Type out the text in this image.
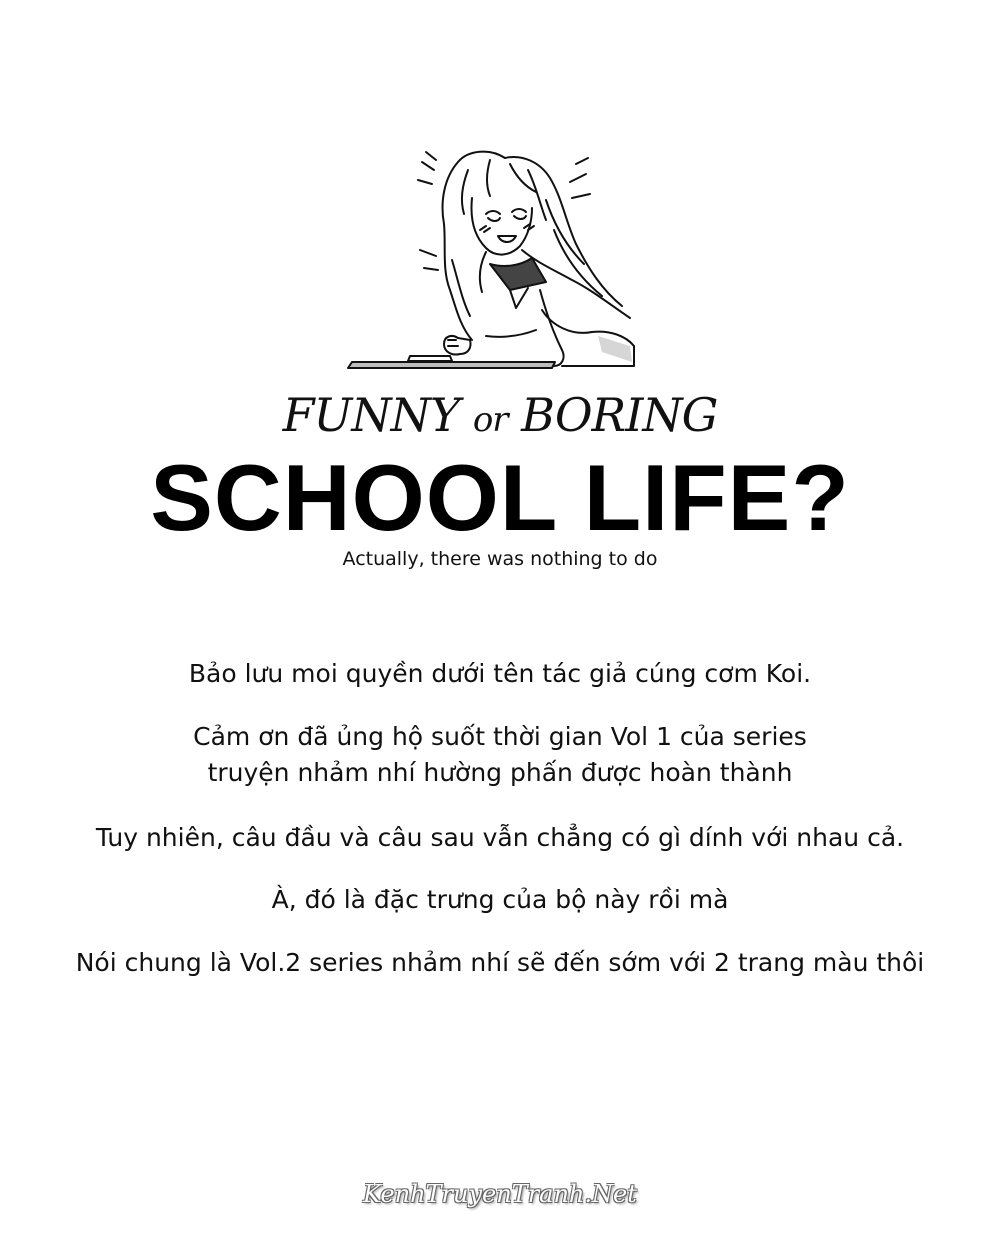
FUNNY or BORING
SCHOOL LIFE?
Actually, there was nothing to do
Bảo lưu moi quyền dưới tên tác giả cúng cơm Koi.
Cảm ơn đã ủng hộ suốt thời gian Vol 1 của series
truyện nhảm nhí hường phấn được hoàn thành
Tuy nhiên, câu đầu và câu sau vẫn chẳng có gì dính với nhau cả.
À, đó là đặc trưng của bộ này rồi mà
Nói chung là Vol.2 series nhảm nhí sẽ đến sớm với 2 trang màu thôi
KenhTruyenTranh.Net
